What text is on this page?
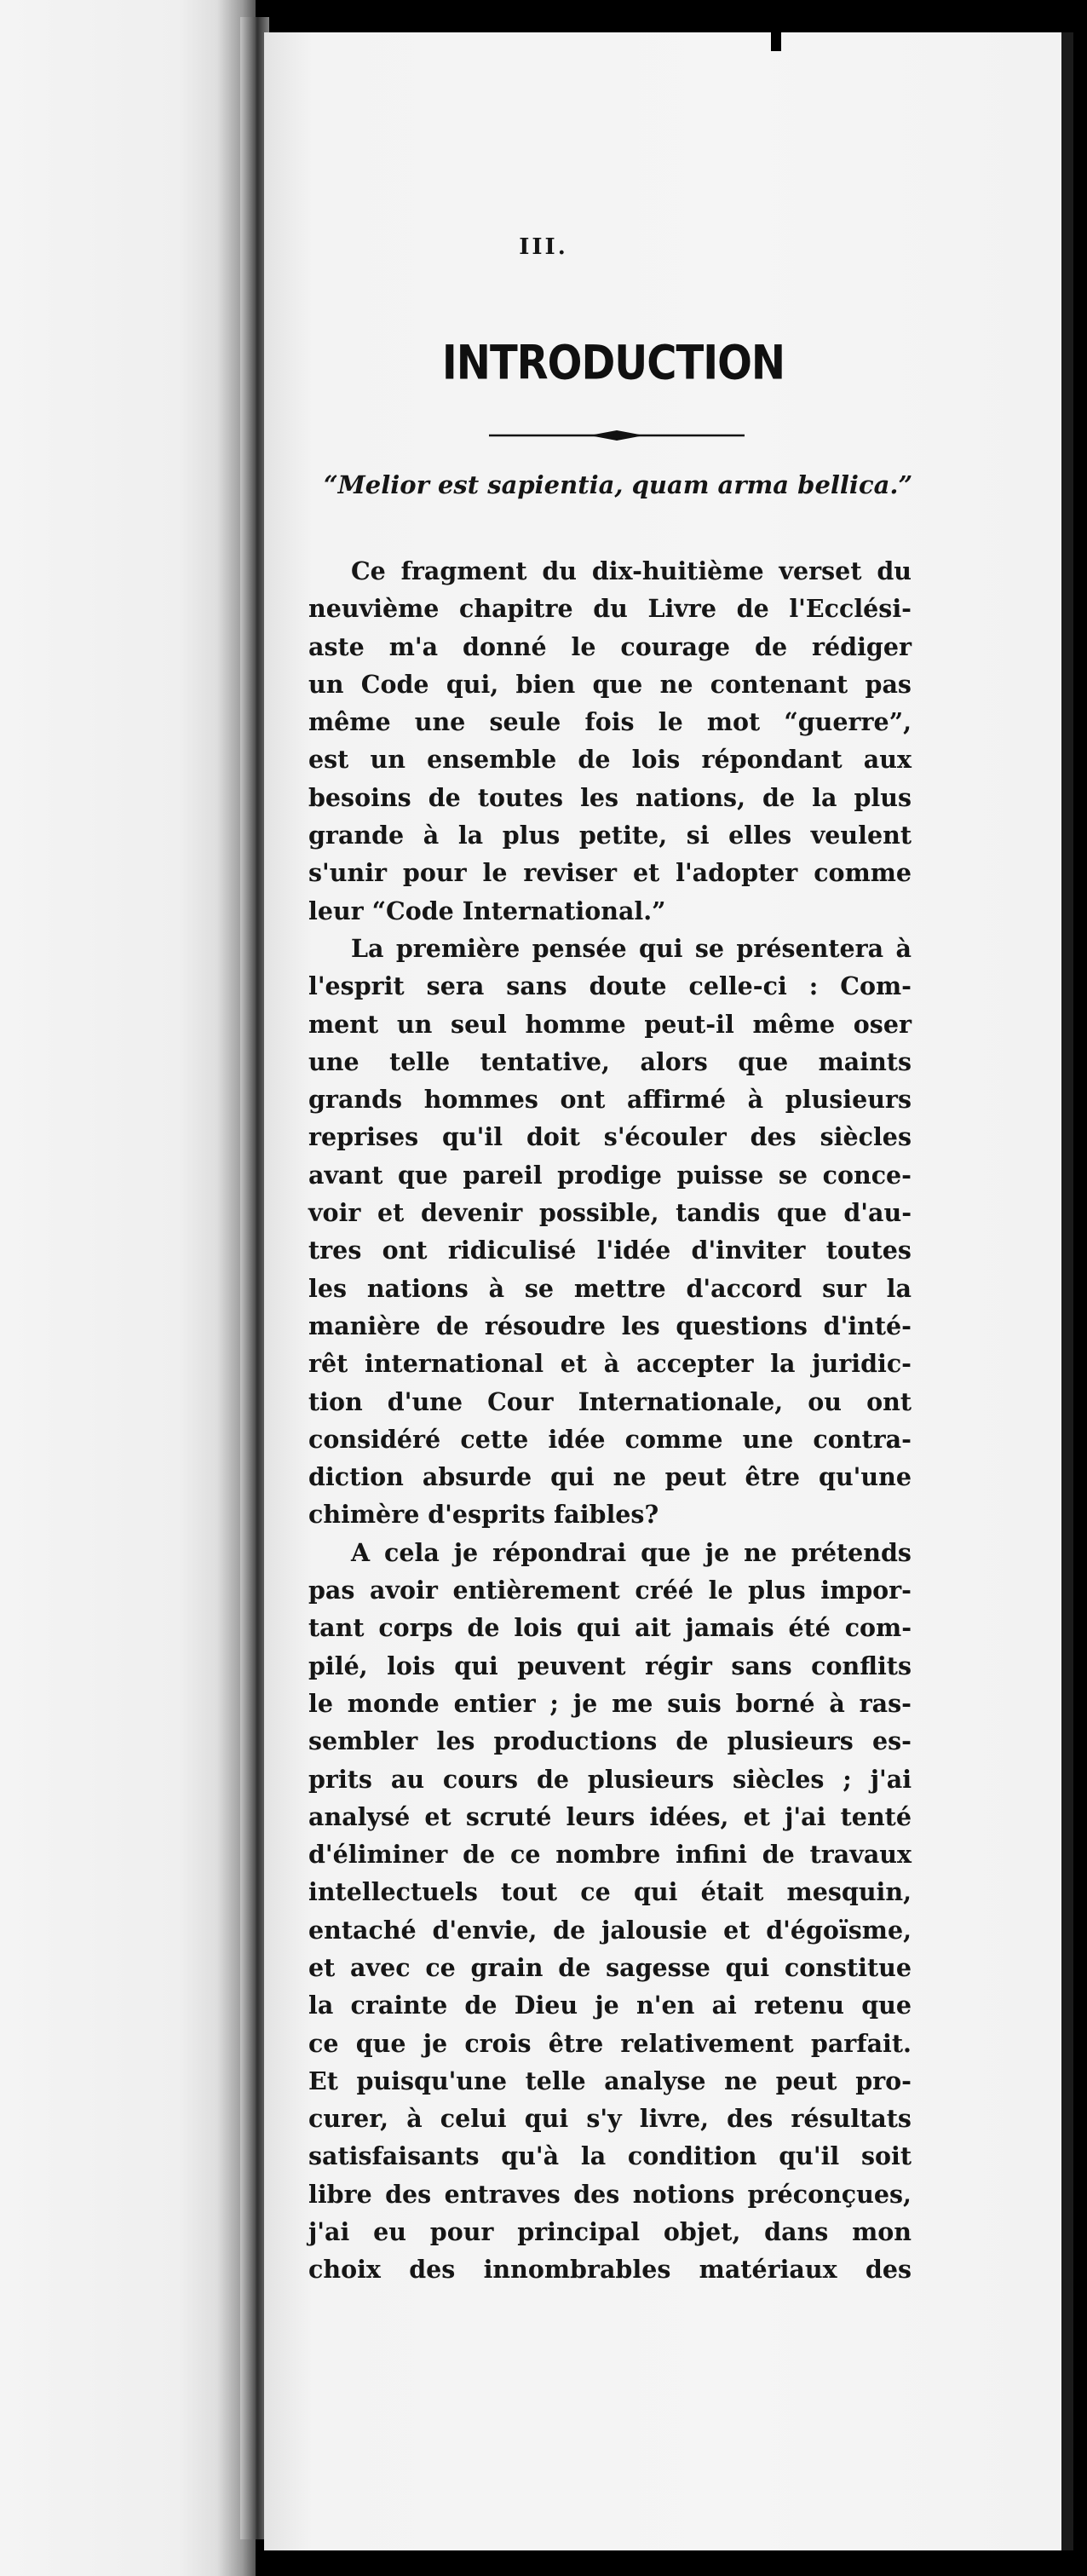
III.
INTRODUCTION
“Melior est sapientia, quam arma bellica.”
Ce fragment du dix-huitième verset du
neuvième chapitre du Livre de l'Ecclési-
aste m'a donné le courage de rédiger
un Code qui, bien que ne contenant pas
même une seule fois le mot “guerre”,
est un ensemble de lois répondant aux
besoins de toutes les nations, de la plus
grande à la plus petite, si elles veulent
s'unir pour le reviser et l'adopter comme
leur “Code International.”
La première pensée qui se présentera à
l'esprit sera sans doute celle-ci : Com-
ment un seul homme peut-il même oser
une telle tentative, alors que maints
grands hommes ont affirmé à plusieurs
reprises qu'il doit s'écouler des siècles
avant que pareil prodige puisse se conce-
voir et devenir possible, tandis que d'au-
tres ont ridiculisé l'idée d'inviter toutes
les nations à se mettre d'accord sur la
manière de résoudre les questions d'inté-
rêt international et à accepter la juridic-
tion d'une Cour Internationale, ou ont
considéré cette idée comme une contra-
diction absurde qui ne peut être qu'une
chimère d'esprits faibles?
A cela je répondrai que je ne prétends
pas avoir entièrement créé le plus impor-
tant corps de lois qui ait jamais été com-
pilé, lois qui peuvent régir sans conflits
le monde entier ; je me suis borné à ras-
sembler les productions de plusieurs es-
prits au cours de plusieurs siècles ; j'ai
analysé et scruté leurs idées, et j'ai tenté
d'éliminer de ce nombre infini de travaux
intellectuels tout ce qui était mesquin,
entaché d'envie, de jalousie et d'égoïsme,
et avec ce grain de sagesse qui constitue
la crainte de Dieu je n'en ai retenu que
ce que je crois être relativement parfait.
Et puisqu'une telle analyse ne peut pro-
curer, à celui qui s'y livre, des résultats
satisfaisants qu'à la condition qu'il soit
libre des entraves des notions préconçues,
j'ai eu pour principal objet, dans mon
choix des innombrables matériaux des
